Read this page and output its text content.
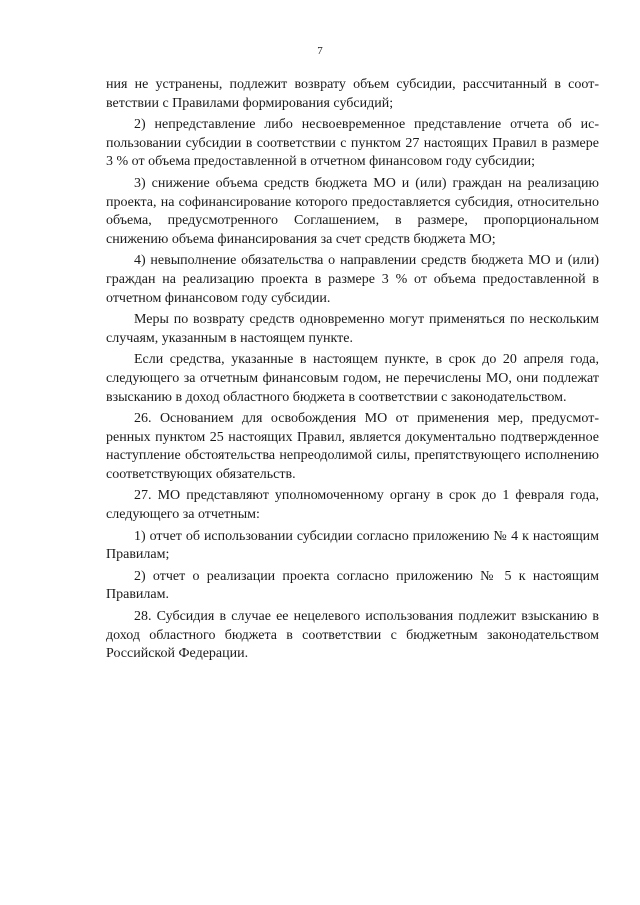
7

ния не устранены, подлежит возврату объем субсидии, рассчитанный в соответствии с Правилами формирования субсидий;

2) непредставление либо несвоевременное представление отчета об использовании субсидии в соответствии с пунктом 27 настоящих Правил в размере 3 % от объема предоставленной в отчетном финансовом году субсидии;

3) снижение объема средств бюджета МО и (или) граждан на реализацию проекта, на софинансирование которого предоставляется субсидия, относительно объема, предусмотренного Соглашением, в размере, пропорциональном снижению объема финансирования за счет средств бюджета МО;

4) невыполнение обязательства о направлении средств бюджета МО и (или) граждан на реализацию проекта в размере 3 % от объема предоставленной в отчетном финансовом году субсидии.

Меры по возврату средств одновременно могут применяться по нескольким случаям, указанным в настоящем пункте.

Если средства, указанные в настоящем пункте, в срок до 20 апреля года, следующего за отчетным финансовым годом, не перечислены МО, они подлежат взысканию в доход областного бюджета в соответствии с законодательством.

26. Основанием для освобождения МО от применения мер, предусмотренных пунктом 25 настоящих Правил, является документально подтвержденное наступление обстоятельства непреодолимой силы, препятствующего исполнению соответствующих обязательств.

27. МО представляют уполномоченному органу в срок до 1 февраля года, следующего за отчетным:

1) отчет об использовании субсидии согласно приложению № 4 к настоящим Правилам;

2) отчет о реализации проекта согласно приложению № 5 к настоящим Правилам.

28. Субсидия в случае ее нецелевого использования подлежит взысканию в доход областного бюджета в соответствии с бюджетным законодательством Российской Федерации.
